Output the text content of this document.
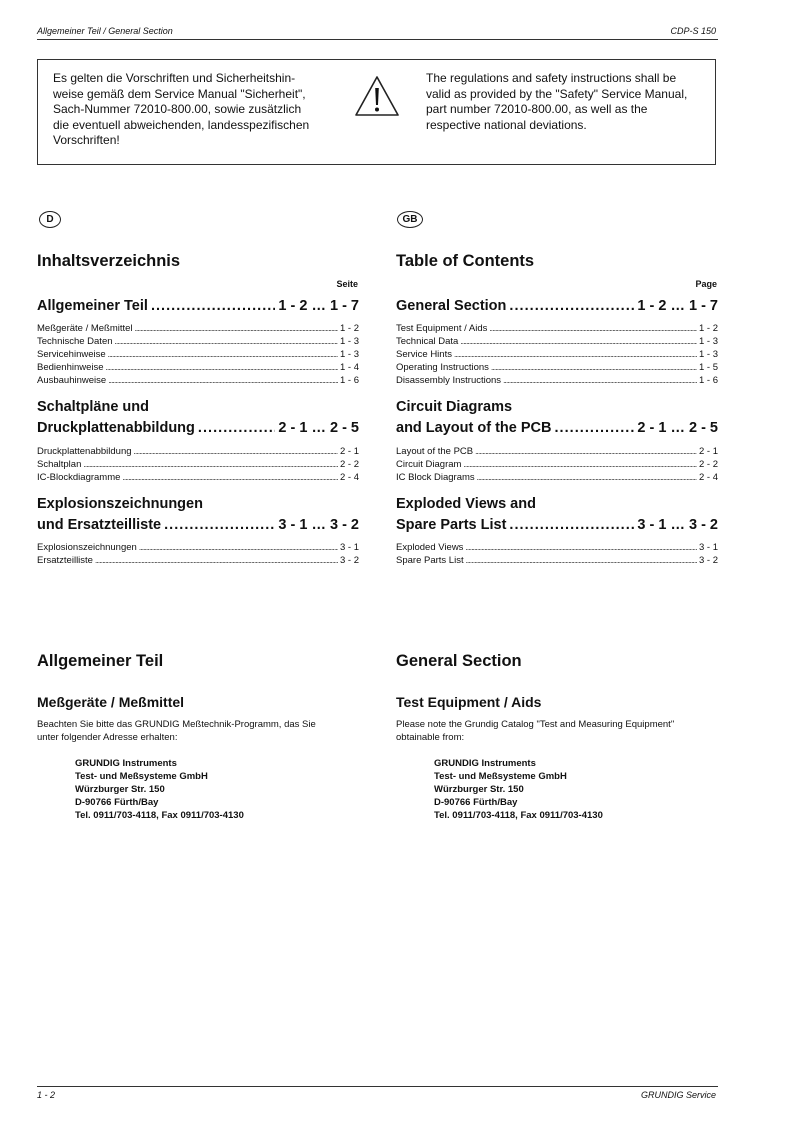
Allgemeiner Teil / General Section	CDP-S 150
Es gelten die Vorschriften und Sicherheitshin-
weise gemäß dem Service Manual "Sicherheit",
Sach-Nummer 72010-800.00, sowie zusätzlich
die eventuell abweichenden, landesspezifischen
Vorschriften!
The regulations and safety instructions shall be
valid as provided by the "Safety" Service Manual,
part number 72010-800.00, as well as the
respective national deviations.
D	GB
Inhaltsverzeichnis	Table of Contents
Seite	Page
Allgemeiner Teil . . .	1 - 2 … 1 - 7
Meßgeräte / Meßmittel . . .	1 - 2
Technische Daten . . .	1 - 3
Servicehinweise . . .	1 - 3
Bedienhinweise . . .	1 - 4
Ausbauhinweise . . .	1 - 6
Schaltpläne und
Druckplattenabbildung . . .	2 - 1 … 2 - 5
Druckplattenabbildung . . .	2 - 1
Schaltplan . . .	2 - 2
IC-Blockdiagramme . . .	2 - 4
Explosionszeichnungen
und Ersatzteilliste . . .	3 - 1 … 3 - 2
Explosionszeichnungen . . .	3 - 1
Ersatzteilliste . . .	3 - 2
General Section . . .	1 - 2 … 1 - 7
Test Equipment / Aids . . .	1 - 2
Technical Data . . .	1 - 3
Service Hints . . .	1 - 3
Operating Instructions . . .	1 - 5
Disassembly Instructions . . .	1 - 6
Circuit Diagrams
and Layout of the PCB . . .	2 - 1 … 2 - 5
Layout of the PCB . . .	2 - 1
Circuit Diagram . . .	2 - 2
IC Block Diagrams . . .	2 - 4
Exploded Views and
Spare Parts List . . .	3 - 1 … 3 - 2
Exploded Views . . .	3 - 1
Spare Parts List . . .	3 - 2
Allgemeiner Teil	General Section
Meßgeräte / Meßmittel	Test Equipment / Aids
Beachten Sie bitte das GRUNDIG Meßtechnik-Programm, das Sie
unter folgender Adresse erhalten:
Please note the Grundig Catalog "Test and Measuring Equipment"
obtainable from:
GRUNDIG Instruments
Test- und Meßsysteme GmbH
Würzburger Str. 150
D-90766 Fürth/Bay
Tel. 0911/703-4118, Fax 0911/703-4130
GRUNDIG Instruments
Test- und Meßsysteme GmbH
Würzburger Str. 150
D-90766 Fürth/Bay
Tel. 0911/703-4118, Fax 0911/703-4130
1 - 2	GRUNDIG Service
